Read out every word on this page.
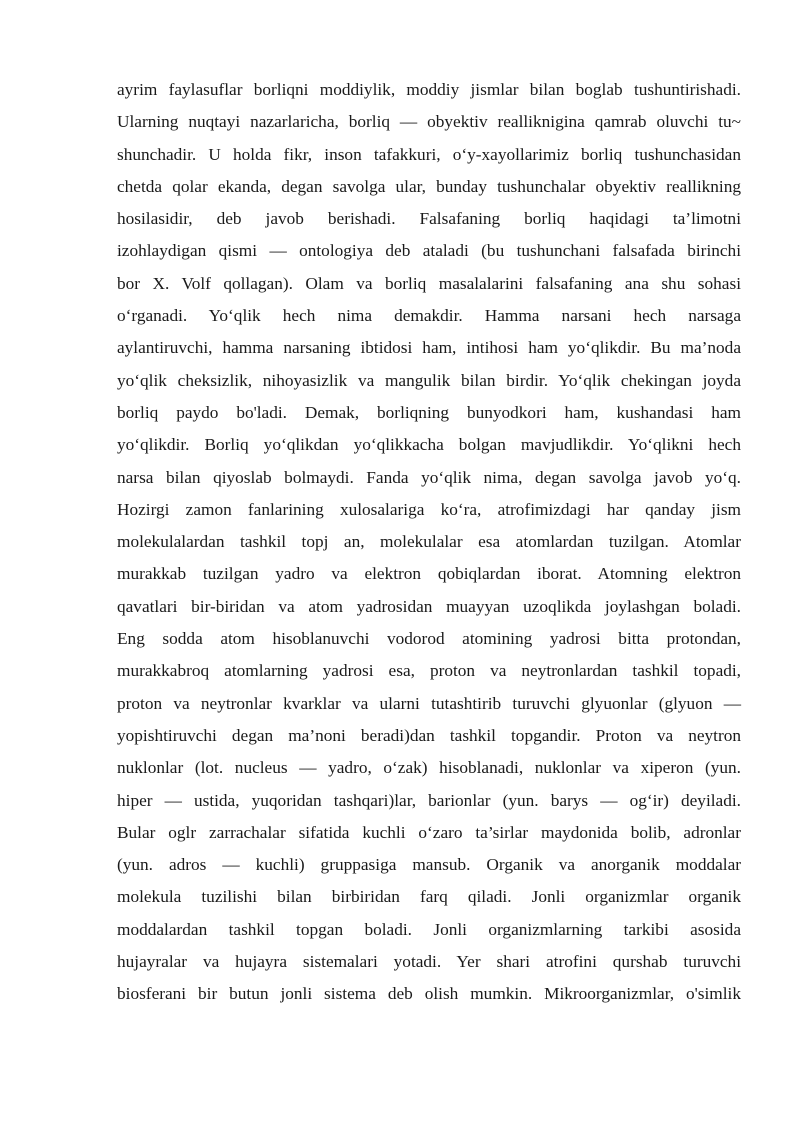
ayrim faylasuflar borliqni moddiylik, moddiy jismlar bilan boglab tushuntirishadi.
Ularning nuqtayi nazarlaricha, borliq — obyektiv reallikniginа qamrab oluvchi tu~
shunchadir. U holda fikr, inson tafakkuri, o‘y-xayollarimiz borliq tushunchasidan
chetda qolar ekanda, degan savolga ular, bunday tushunchalar obyektiv reallikning
hosilasidir, deb javob berishadi. Falsafaning borliq haqidagi ta’limotni
izohlaydigan qismi — ontologiya deb ataladi (bu tushunchani falsafada birinchi
bor X. Volf qollagan). Olam va borliq masalalarini falsafaning ana shu sohasi
o‘rganadi. Yo‘qlik hech nima demakdir. Hamma narsani hech narsaga
aylantiruvchi, hamma narsaning ibtidosi ham, intihosi ham yo‘qlikdir. Bu ma’noda
yo‘qlik cheksizlik, nihoyasizlik va mangulik bilan birdir. Yo‘qlik chekingan joyda
borliq paydo bo'ladi. Demak, borliqning bunyodkori ham, kushandasi ham
yo‘qlikdir. Borliq yo‘qlikdan yo‘qlikkacha bolgan mavjudlikdir. Yo‘qlikni hech
narsa bilan qiyoslab bolmaydi. Fanda yo‘qlik nima, degan savolga javob yo‘q.
Hozirgi zamon fanlarining xulosalariga ko‘ra, atrofimizdagi har qanday jism
molekulalardan tashkil topj an, molekulalar esa atomlardan tuzilgan. Atomlar
murakkab tuzilgan yadro va elektron qobiqlardan iborat. Atomning elektron
qavatlari bir-biridan va atom yadrosidan muayyan uzoqlikda joylashgan boladi.
Eng sodda atom hisoblanuvchi vodorod atomining yadrosi bitta protondan,
murakkabroq atomlarning yadrosi esa, proton va neytronlardan tashkil topadi,
proton va neytronlar kvarklar va ularni tutashtirib turuvchi glyuonlar (glyuon —
yopishtiruvchi degan ma’noni beradi)dan tashkil topgandir. Proton va neytron
nuklonlar (lot. nucleus — yadro, o‘zak) hisoblanadi, nuklonlar va xiperon (yun.
hiper — ustida, yuqoridan tashqari)lar, barionlar (yun. barys — og‘ir) deyiladi.
Bular oglr zarrachalar sifatida kuchli o‘zaro ta’sirlar maydonida bolib, adronlar
(yun. adros — kuchli) gruppasiga mansub. Organik va anorganik moddalar
molekula tuzilishi bilan birbiridan farq qiladi. Jonli organizmlar organik
moddalardan tashkil topgan boladi. Jonli organizmlarning tarkibi asosida
hujayralar va hujayra sistemalari yotadi. Yer shari atrofini qurshab turuvchi
biosferani bir butun jonli sistema deb olish mumkin. Mikroorganizmlar, o'simlik
